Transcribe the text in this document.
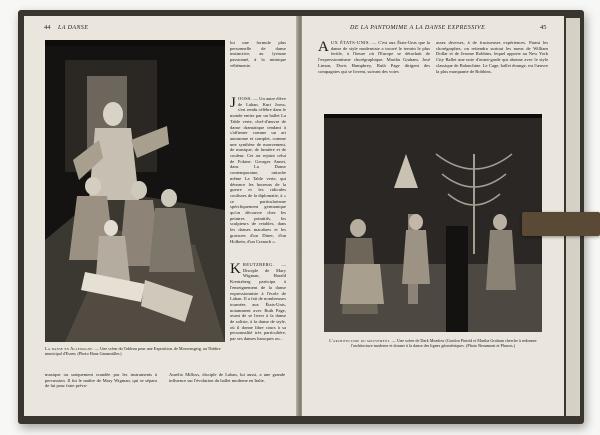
44 LA DANSE
La danse en Allemagne. — Une scène du Tableau pour une Exposition, de Mossensgeig, au Théâtre municipal d'Essen. (Photo Hanz Ganzmüller.)
lui une formule plus personnelle de danse instinctive, au lyrisme passionné, à la mimique véhémente.
JOOSS. — Un autre élève de Laban, Kurt Jooss, s'est rendu célèbre dans le monde entier par un ballet La Table verte, chef-d'œuvre de danse dramatique tendant à s'affirmer comme un art autonome et complet, comme une synthèse de mouvement, de musique, de lumière et de couleur. Cet art rejoint celui de Fokine. Georges Annet, dans La Danse contemporaine, rattache même La Table verte, qui dénonce les horreurs de la guerre et les ridicules coulisses de la diplomatie, à « ce particularisme spécifiquement germanique qu'on découvre chez les peintres primitifs, les sculpteurs de retables, dans les danses macabres et les gravures d'un Dürer, d'un Holbein, d'un Cranach ».
KREUTZBERG. — Disciple de Mary Wigman, Harald Kreutzberg participa à l'enseignement de la danse expressionniste à l'école de Laban. Il a fait de nombreuses tournées aux États-Unis, notamment avec Ruth Page, avant de se livrer à la danse de soliste, à la danse de style, où il donne libre cours à sa personnalité très particulière, par ses danses baroques ou...
musique ou uniquement scandée par les instruments à percussion. Il fut le maître de Mary Wigman, qui se sépara de lui pour faire préva-
Aurelio Milloss, disciple de Laban, lui aussi, a une grande influence sur l'évolution du ballet moderne en Italie.
DE LA PANTOMIME A LA DANSE EXPRESSIVE	45
AUX ÉTATS-UNIS. — C'est aux États-Unis que la danse de style moderniste a trouvé le terrain le plus fertile, à l'heure où l'Europe se détachait de l'expressionnisme chorégraphique. Martha Graham, José Limon, Doris Humphrey, Ruth Page dirigent des compagnies qui se livrent, suivant des voies
assez diverses, à de fructueuses expériences. Parmi les chorégraphes, on retiendra surtout les noms de William Dollar et de Jerome Robbins, lequel apporte au New York City Ballet une note d'avant-garde qui abonne avec le style classique de Balanchine. Le Cage, ballet étrange, est l'œuvre la plus marquante de Robbins.
L'architecture du mouvement. — Une scène de Dark Meadow (Gordon Pintrid et Martha Graham cherche à redonner l'architecture moderne et donner à la danse des lignes géométriques. (Photo Beaumont et Phaxos.)
